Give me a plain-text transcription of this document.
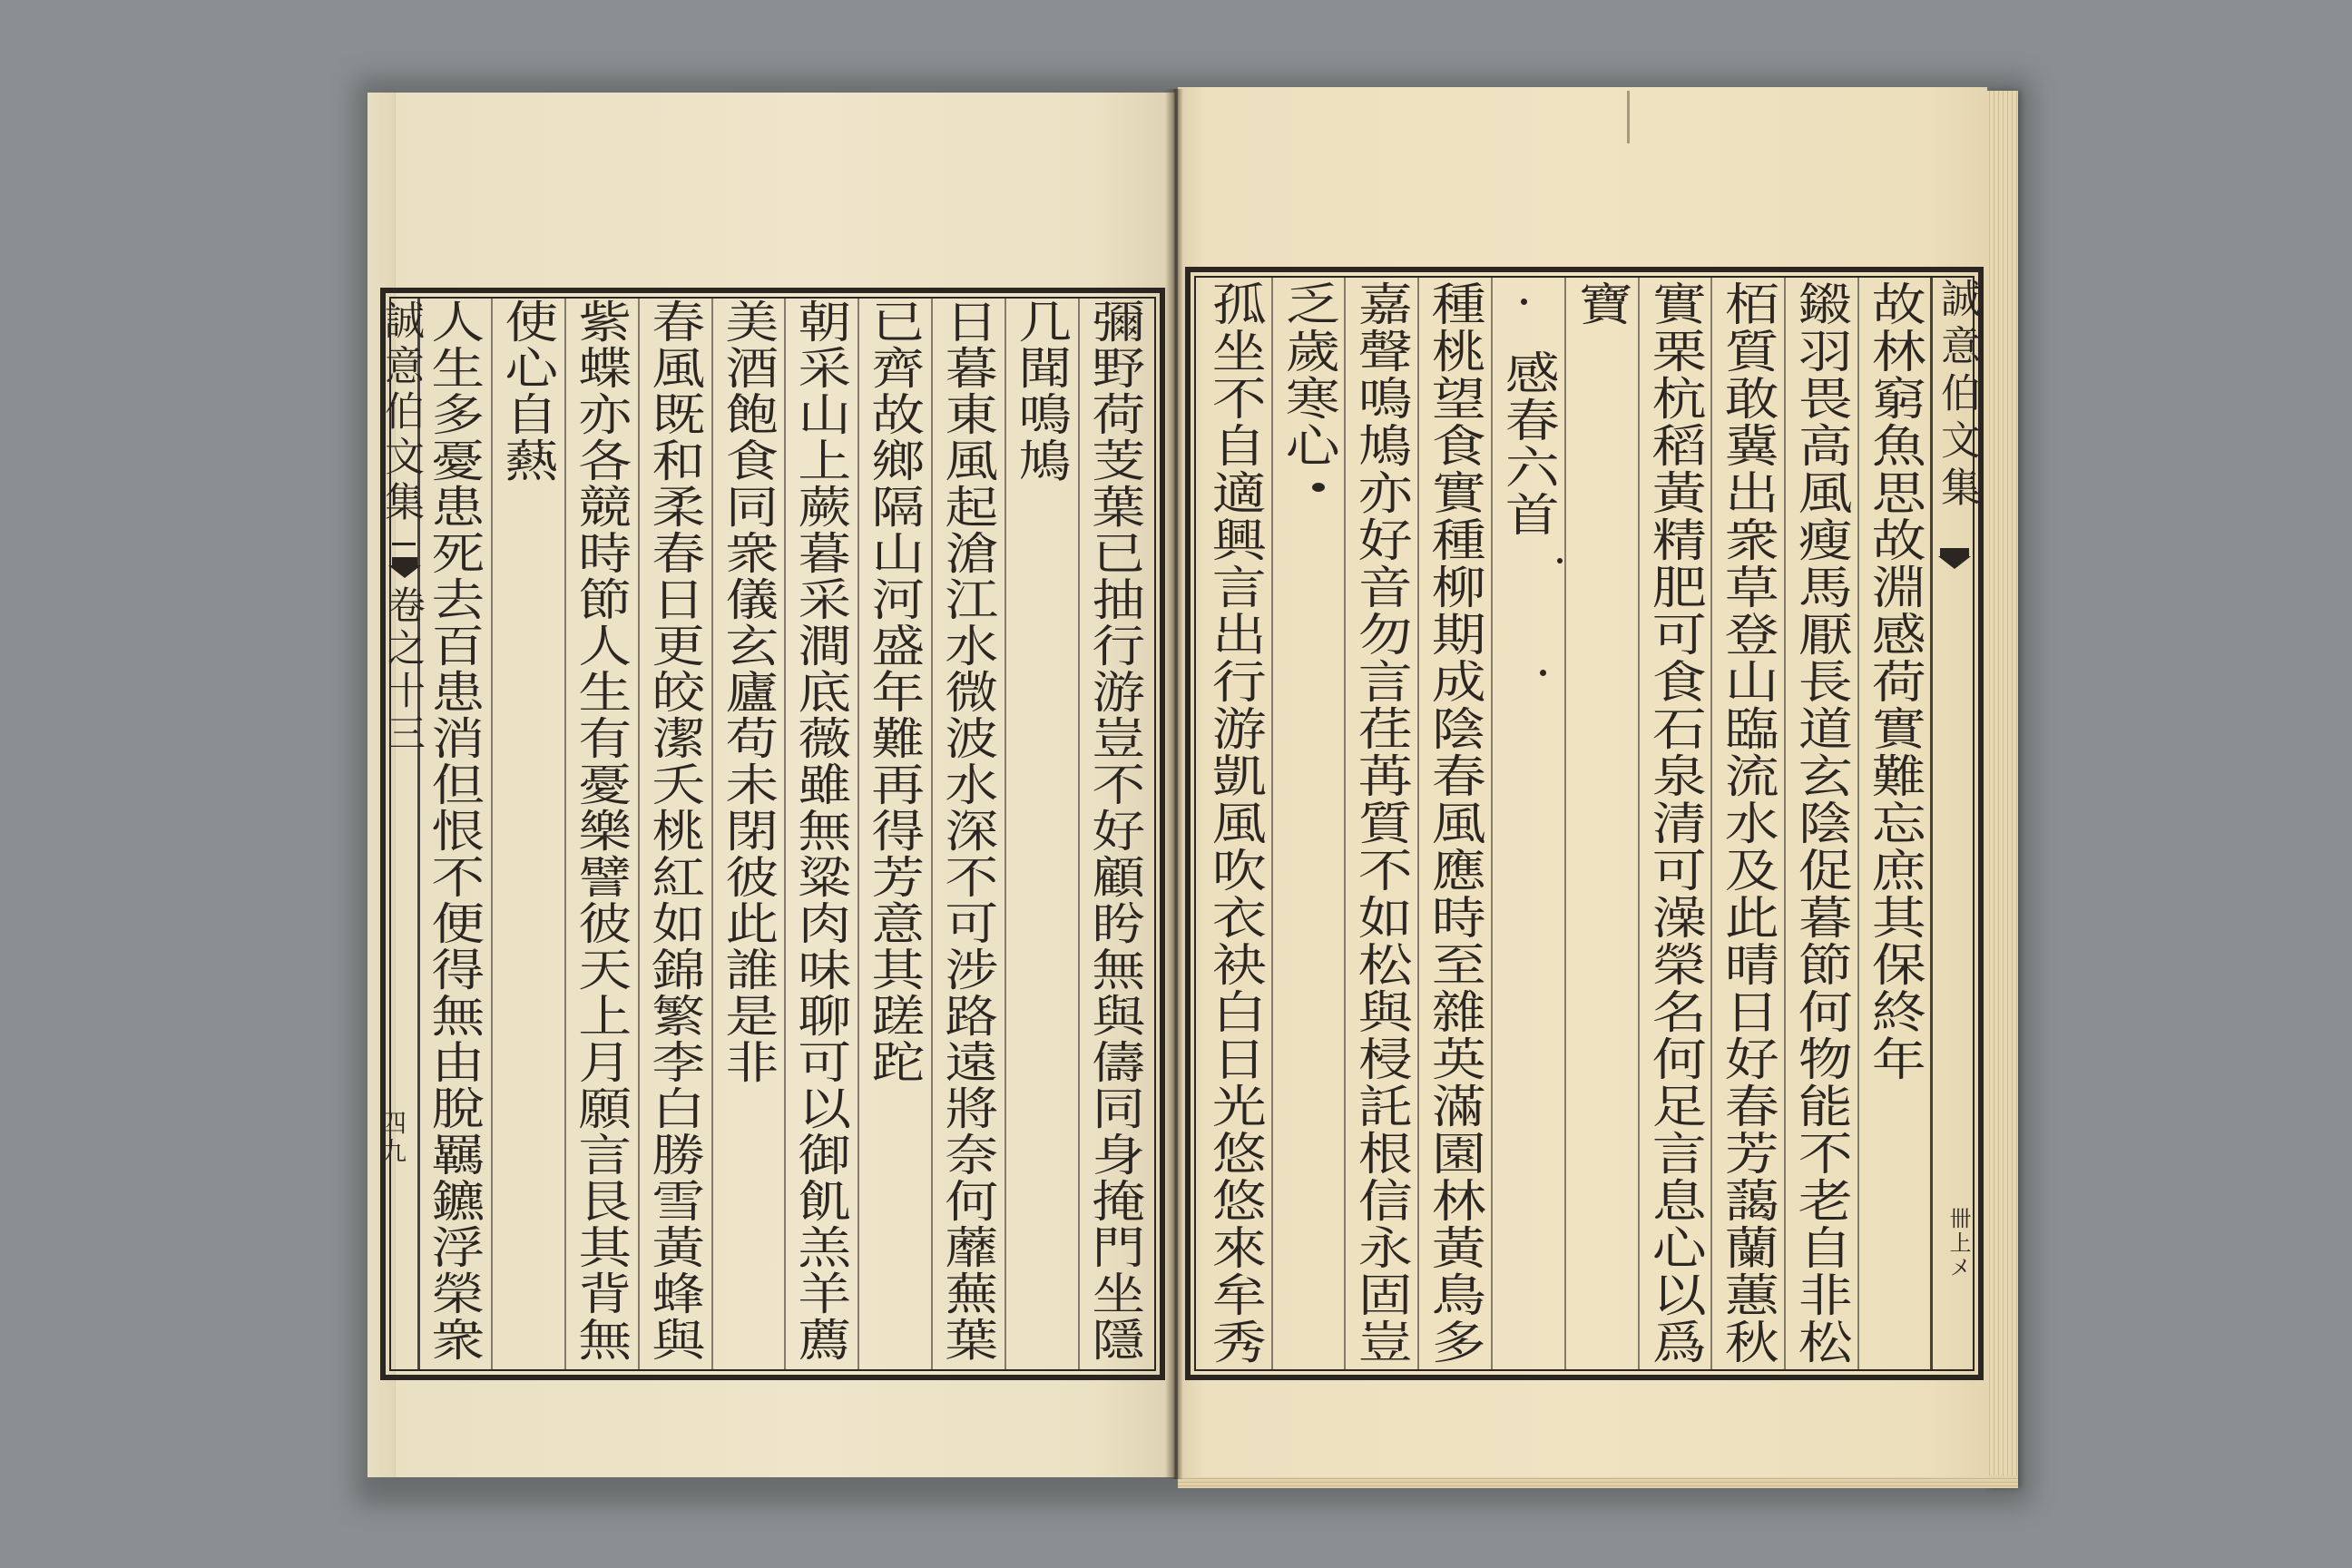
誠意伯文集
卷之十三
四九	彌野荷芰葉已抽行游豈不好顧盻無與儔同身掩門坐隱
几聞鳴鳩
日暮東風起滄江水微波水深不可涉路遠將奈何蘼蕪葉
已齊故鄉隔山河盛年難再得芳意其蹉跎
朝采山上蕨暮采澗底薇雖無粱肉味聊可以御飢羔羊薦
美酒飽食同衆儀玄廬苟未閉彼此誰是非
春風既和柔春日更皎潔夭桃紅如錦繁李白勝雪黃蜂與
紫蝶亦各競時節人生有憂樂譬彼天上月願言艮其背無
使心自爇
人生多憂患死去百患消但恨不便得無由脫羈鑣浮榮衆	誠意伯文集
卌上メ
故林窮魚思故淵感荷實難忘庶其保終年
鎩羽畏高風瘦馬厭長道玄陰促暮節何物能不老自非松
栢質敢冀出衆草登山臨流水及此晴日好春芳藹蘭蕙秋
實栗杭稻黃精肥可食石泉清可澡榮名何足言息心以爲
寶
感春六首
種桃望食實種柳期成陰春風應時至雜英滿園林黃鳥多
嘉聲鳴鳩亦好音勿言荏苒質不如松與梫託根信永固豈
乏歲寒心
孤坐不自適興言出行游凱風吹衣袂白日光悠悠來牟秀
